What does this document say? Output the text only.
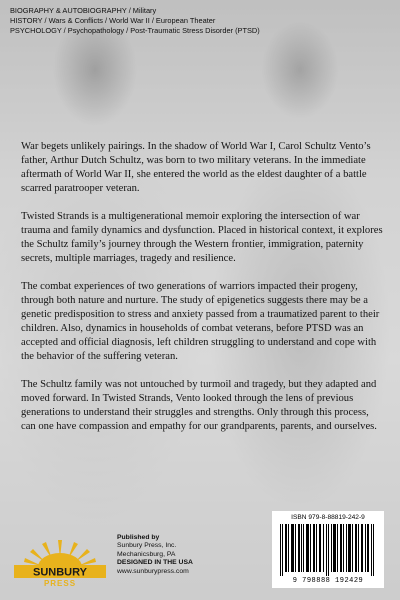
BIOGRAPHY & AUTOBIOGRAPHY / Military
HISTORY / Wars & Conflicts / World War II / European Theater
PSYCHOLOGY / Psychopathology / Post-Traumatic Stress Disorder (PTSD)

War begets unlikely pairings. In the shadow of World War I, Carol Schultz Vento’s father, Arthur Dutch Schultz, was born to two military veterans. In the immediate aftermath of World War II, she entered the world as the eldest daughter of a battle scarred paratrooper veteran.

Twisted Strands is a multigenerational memoir exploring the intersection of war trauma and family dynamics and dysfunction. Placed in historical context, it explores the Schultz family’s journey through the Western frontier, immigration, paternity secrets, multiple marriages, tragedy and resilience.

The combat experiences of two generations of warriors impacted their progeny, through both nature and nurture. The study of epigenetics suggests there may be a genetic predisposition to stress and anxiety passed from a traumatized parent to their children. Also, dynamics in households of combat veterans, before PTSD was an accepted and official diagnosis, left children struggling to understand and cope with the behavior of the suffering veteran.

The Schultz family was not untouched by turmoil and tragedy, but they adapted and moved forward. In Twisted Strands, Vento looked through the lens of previous generations to understand their struggles and strengths. Only through this process, can one have compassion and empathy for our grandparents, parents, and ourselves.

SUNBURY
PRESS
Published by
Sunbury Press, Inc.
Mechanicsburg, PA
DESIGNED IN THE USA
www.sunburypress.com
ISBN 979-8-88819-242-9
9 798888 192429
